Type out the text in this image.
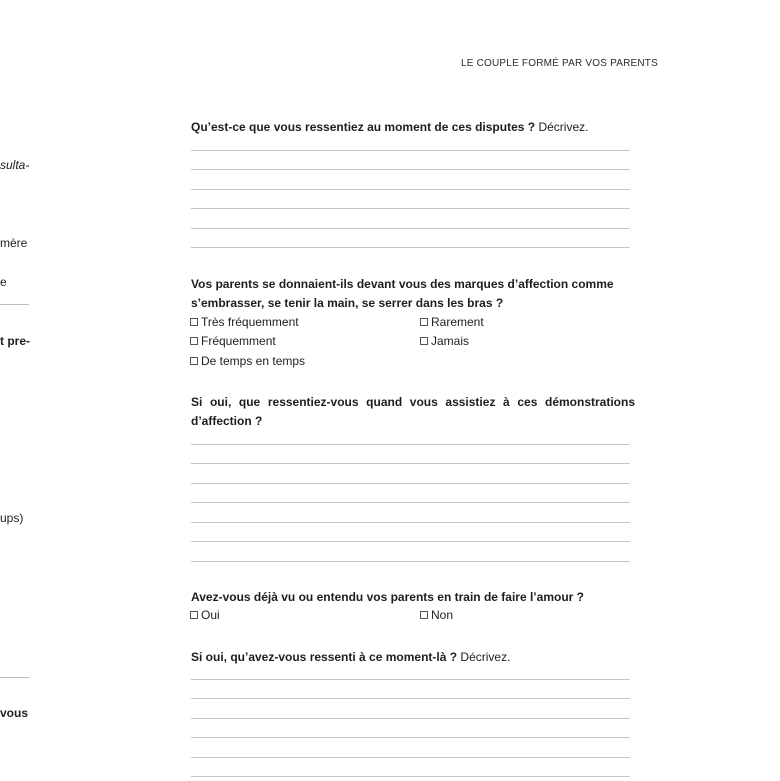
LE COUPLE FORMÉ PAR VOS PARENTS
sulta-
mère
e
t pre-
ups)
vous
Qu’est-ce que vous ressentiez au moment de ces disputes ? Décrivez.
Vos parents se donnaient-ils devant vous des marques d’affection comme
s’embrasser, se tenir la main, se serrer dans les bras ?
Très fréquemment	Rarement
Fréquemment	Jamais
De temps en temps
Si oui, que ressentiez-vous quand vous assistiez à ces démonstrations d’affection ?
Avez-vous déjà vu ou entendu vos parents en train de faire l’amour ?
Oui	Non
Si oui, qu’avez-vous ressenti à ce moment-là ? Décrivez.
